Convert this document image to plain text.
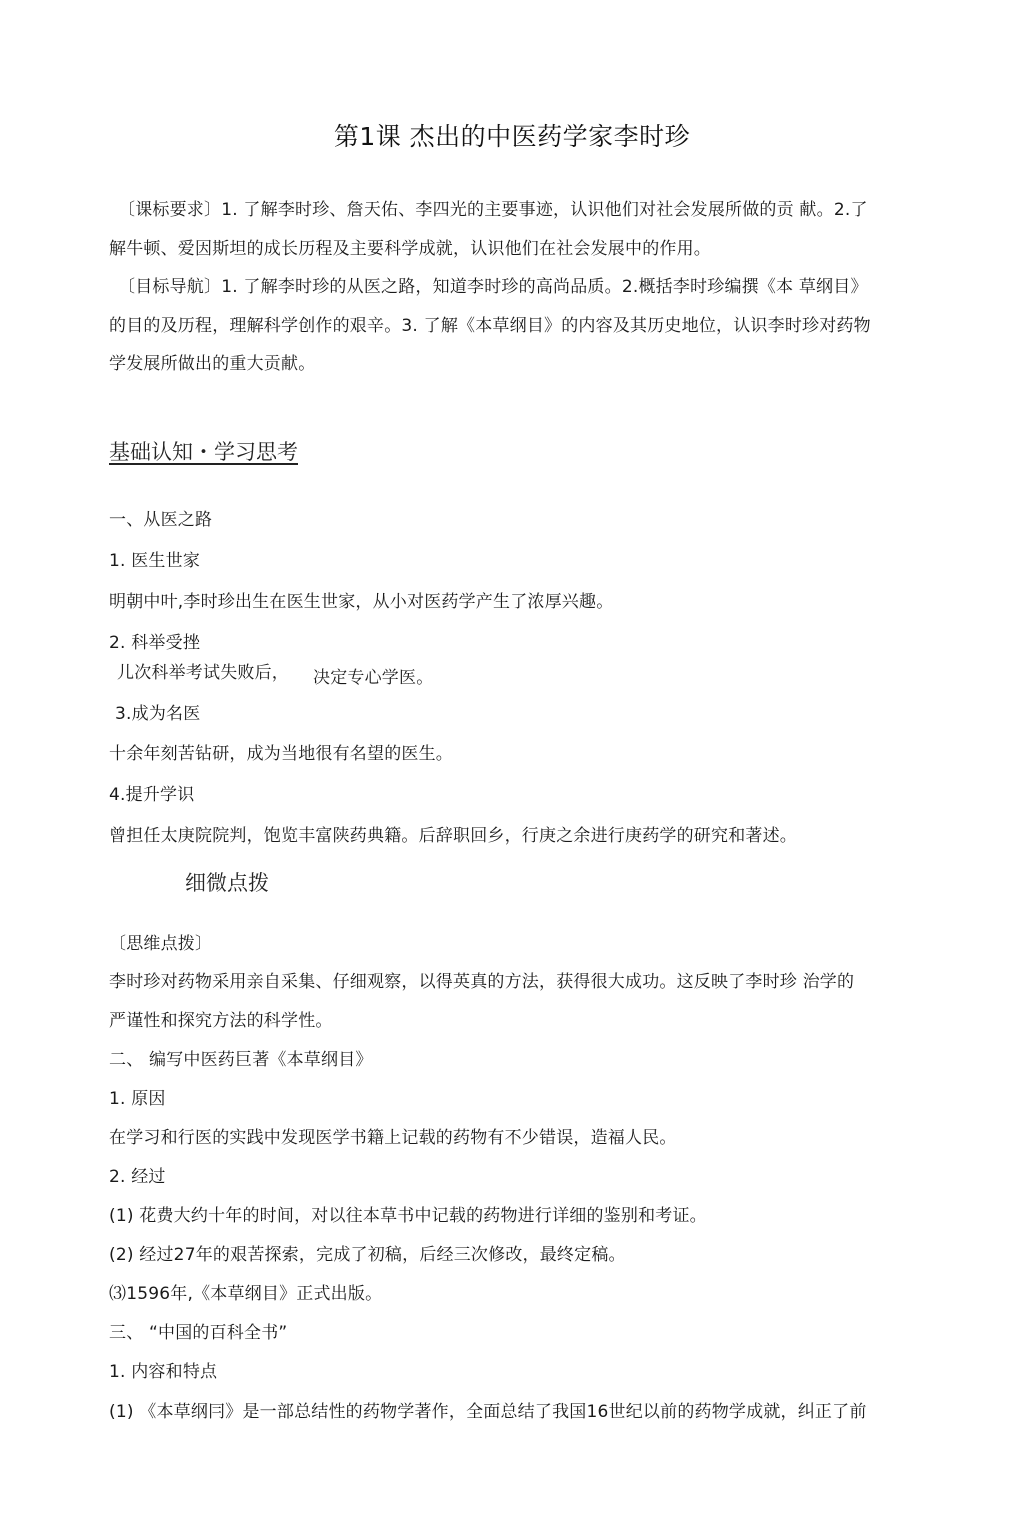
第1课 杰出的中医药学家李时珍
〔课标要求〕1. 了解李时珍、詹天佑、李四光的主要事迹，认识他们对社会发展所做的贡 献。2.了
解牛顿、爱因斯坦的成长历程及主要科学成就，认识他们在社会发展中的作用。
〔目标导航〕1. 了解李时珍的从医之路，知道李时珍的高尚品质。2.概括李时珍编撰《本 草纲目》
的目的及历程，理解科学创作的艰辛。3. 了解《本草纲目》的内容及其历史地位，认识李时珍对药物
学发展所做出的重大贡献。
基础认知・学习思考
一、从医之路
1. 医生世家
明朝中叶,李时珍出生在医生世家，从小对医药学产生了浓厚兴趣。
2. 科举受挫
儿次科举考试失败后， 决定专心学医。
3.成为名医
十余年刻苦钻研，成为当地很有名望的医生。
4.提升学识
曾担任太庚院院判，饱览丰富陕药典籍。后辞职回乡，行庚之余进行庚药学的研究和著述。
细微点拨
〔思维点拨〕
李时珍对药物采用亲自采集、仔细观察，以得英真的方法，获得很大成功。这反映了李时珍 治学的
严谨性和探究方法的科学性。
二、 编写中医药巨著《本草纲目》
1. 原因
在学习和行医的实践中发现医学书籍上记载的药物有不少错误，造福人民。
2. 经过
(1) 花费大约十年的时间，对以往本草书中记载的药物进行详细的鉴别和考证。
(2) 经过27年的艰苦探索，完成了初稿，后经三次修改，最终定稿。
⑶1596年,《本草纲目》正式出版。
三、 “中国的百科全书”
1. 内容和特点
(1) 《本草纲冃》是一部总结性的药物学著作，全面总结了我国16世纪以前的药物学成就，纠正了前
